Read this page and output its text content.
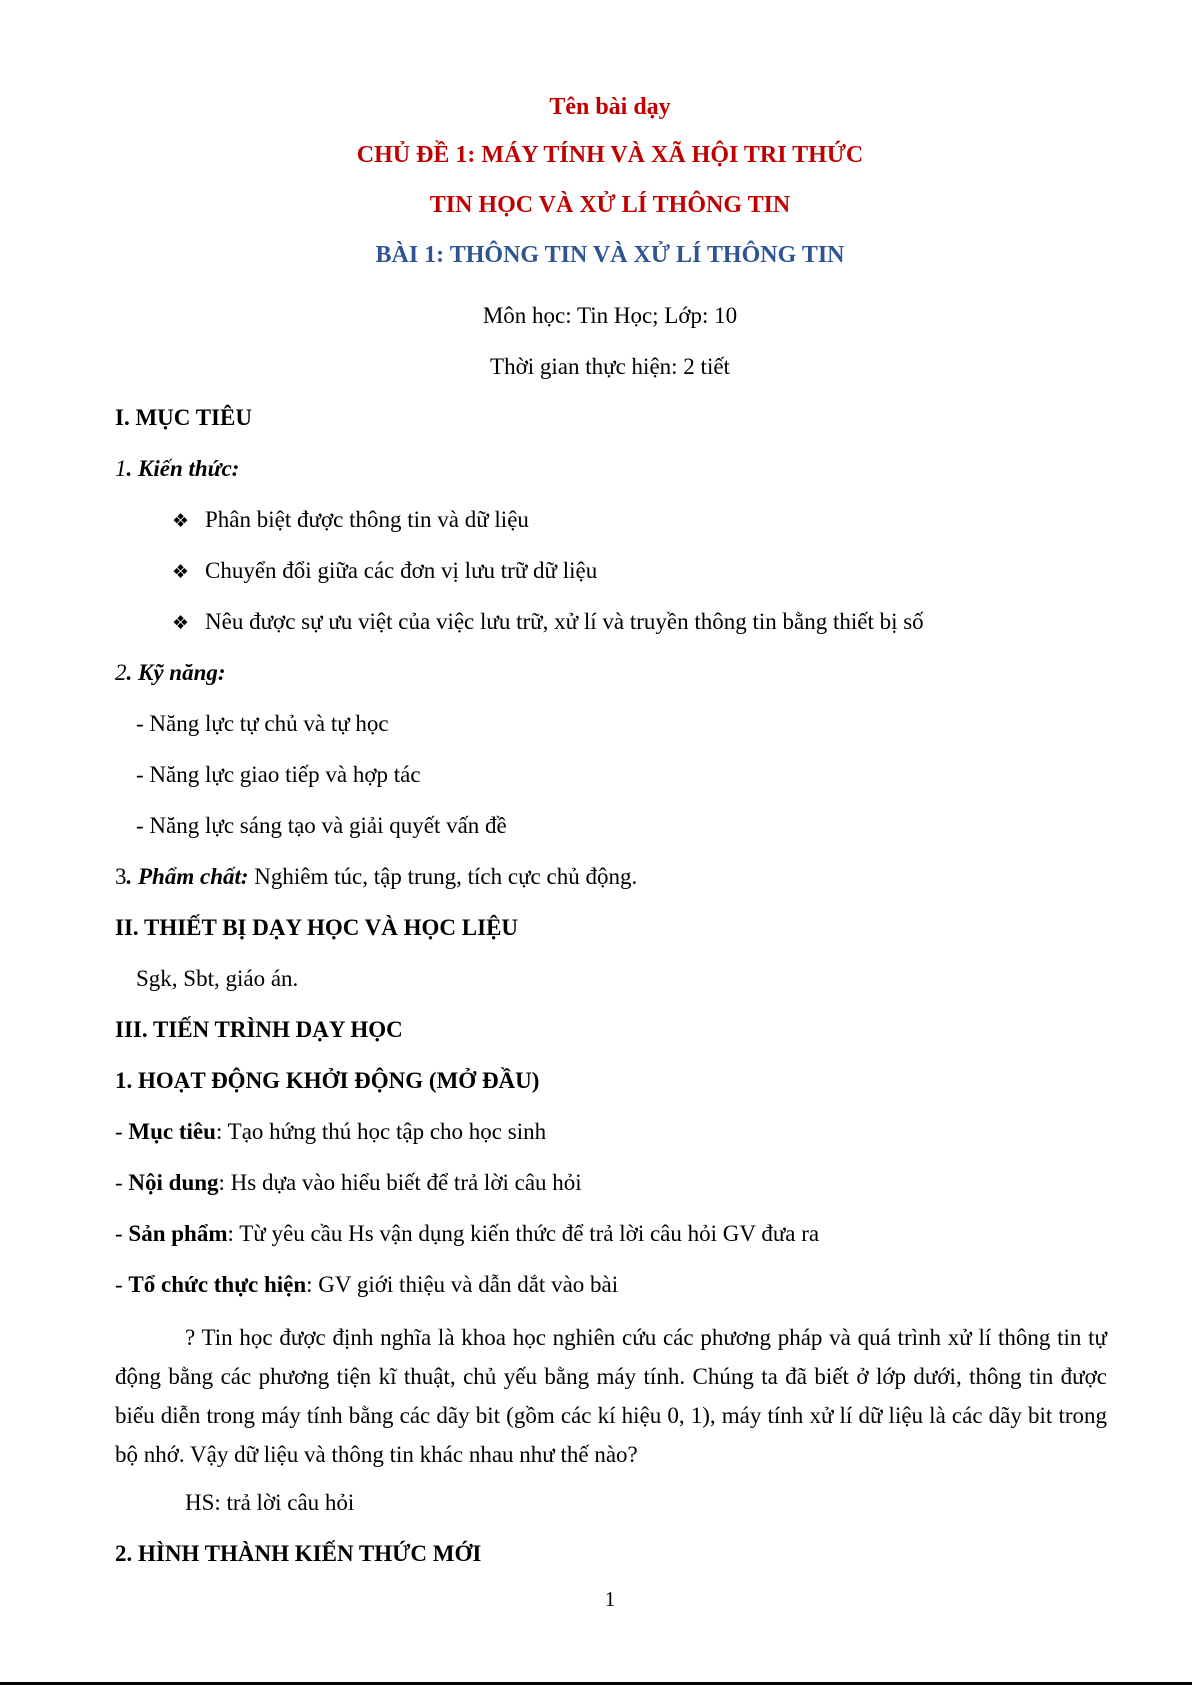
Tên bài dạy
CHỦ ĐỀ 1: MÁY TÍNH VÀ XÃ HỘI TRI THỨC
TIN HỌC VÀ XỬ LÍ THÔNG TIN
BÀI 1: THÔNG TIN VÀ XỬ LÍ THÔNG TIN
Môn học: Tin Học; Lớp: 10
Thời gian thực hiện: 2 tiết
I. MỤC TIÊU
1. Kiến thức:
❖ Phân biệt được thông tin và dữ liệu
❖ Chuyển đổi giữa các đơn vị lưu trữ dữ liệu
❖ Nêu được sự ưu việt của việc lưu trữ, xử lí và truyền thông tin bằng thiết bị số
2. Kỹ năng:
- Năng lực tự chủ và tự học
- Năng lực giao tiếp và hợp tác
- Năng lực sáng tạo và giải quyết vấn đề
3. Phẩm chất: Nghiêm túc, tập trung, tích cực chủ động.
II. THIẾT BỊ DẠY HỌC VÀ HỌC LIỆU
Sgk, Sbt, giáo án.
III. TIẾN TRÌNH DẠY HỌC
1. HOẠT ĐỘNG KHỞI ĐỘNG (MỞ ĐẦU)
- Mục tiêu: Tạo hứng thú học tập cho học sinh
- Nội dung: Hs dựa vào hiểu biết để trả lời câu hỏi
- Sản phẩm: Từ yêu cầu Hs vận dụng kiến thức để trả lời câu hỏi GV đưa ra
- Tổ chức thực hiện: GV giới thiệu và dẫn dắt vào bài
? Tin học được định nghĩa là khoa học nghiên cứu các phương pháp và quá trình xử lí thông tin tự động bằng các phương tiện kĩ thuật, chủ yếu bằng máy tính. Chúng ta đã biết ở lớp dưới, thông tin được biểu diễn trong máy tính bằng các dãy bit (gồm các kí hiệu 0, 1), máy tính xử lí dữ liệu là các dãy bit trong bộ nhớ. Vậy dữ liệu và thông tin khác nhau như thế nào?
HS: trả lời câu hỏi
2. HÌNH THÀNH KIẾN THỨC MỚI
1
